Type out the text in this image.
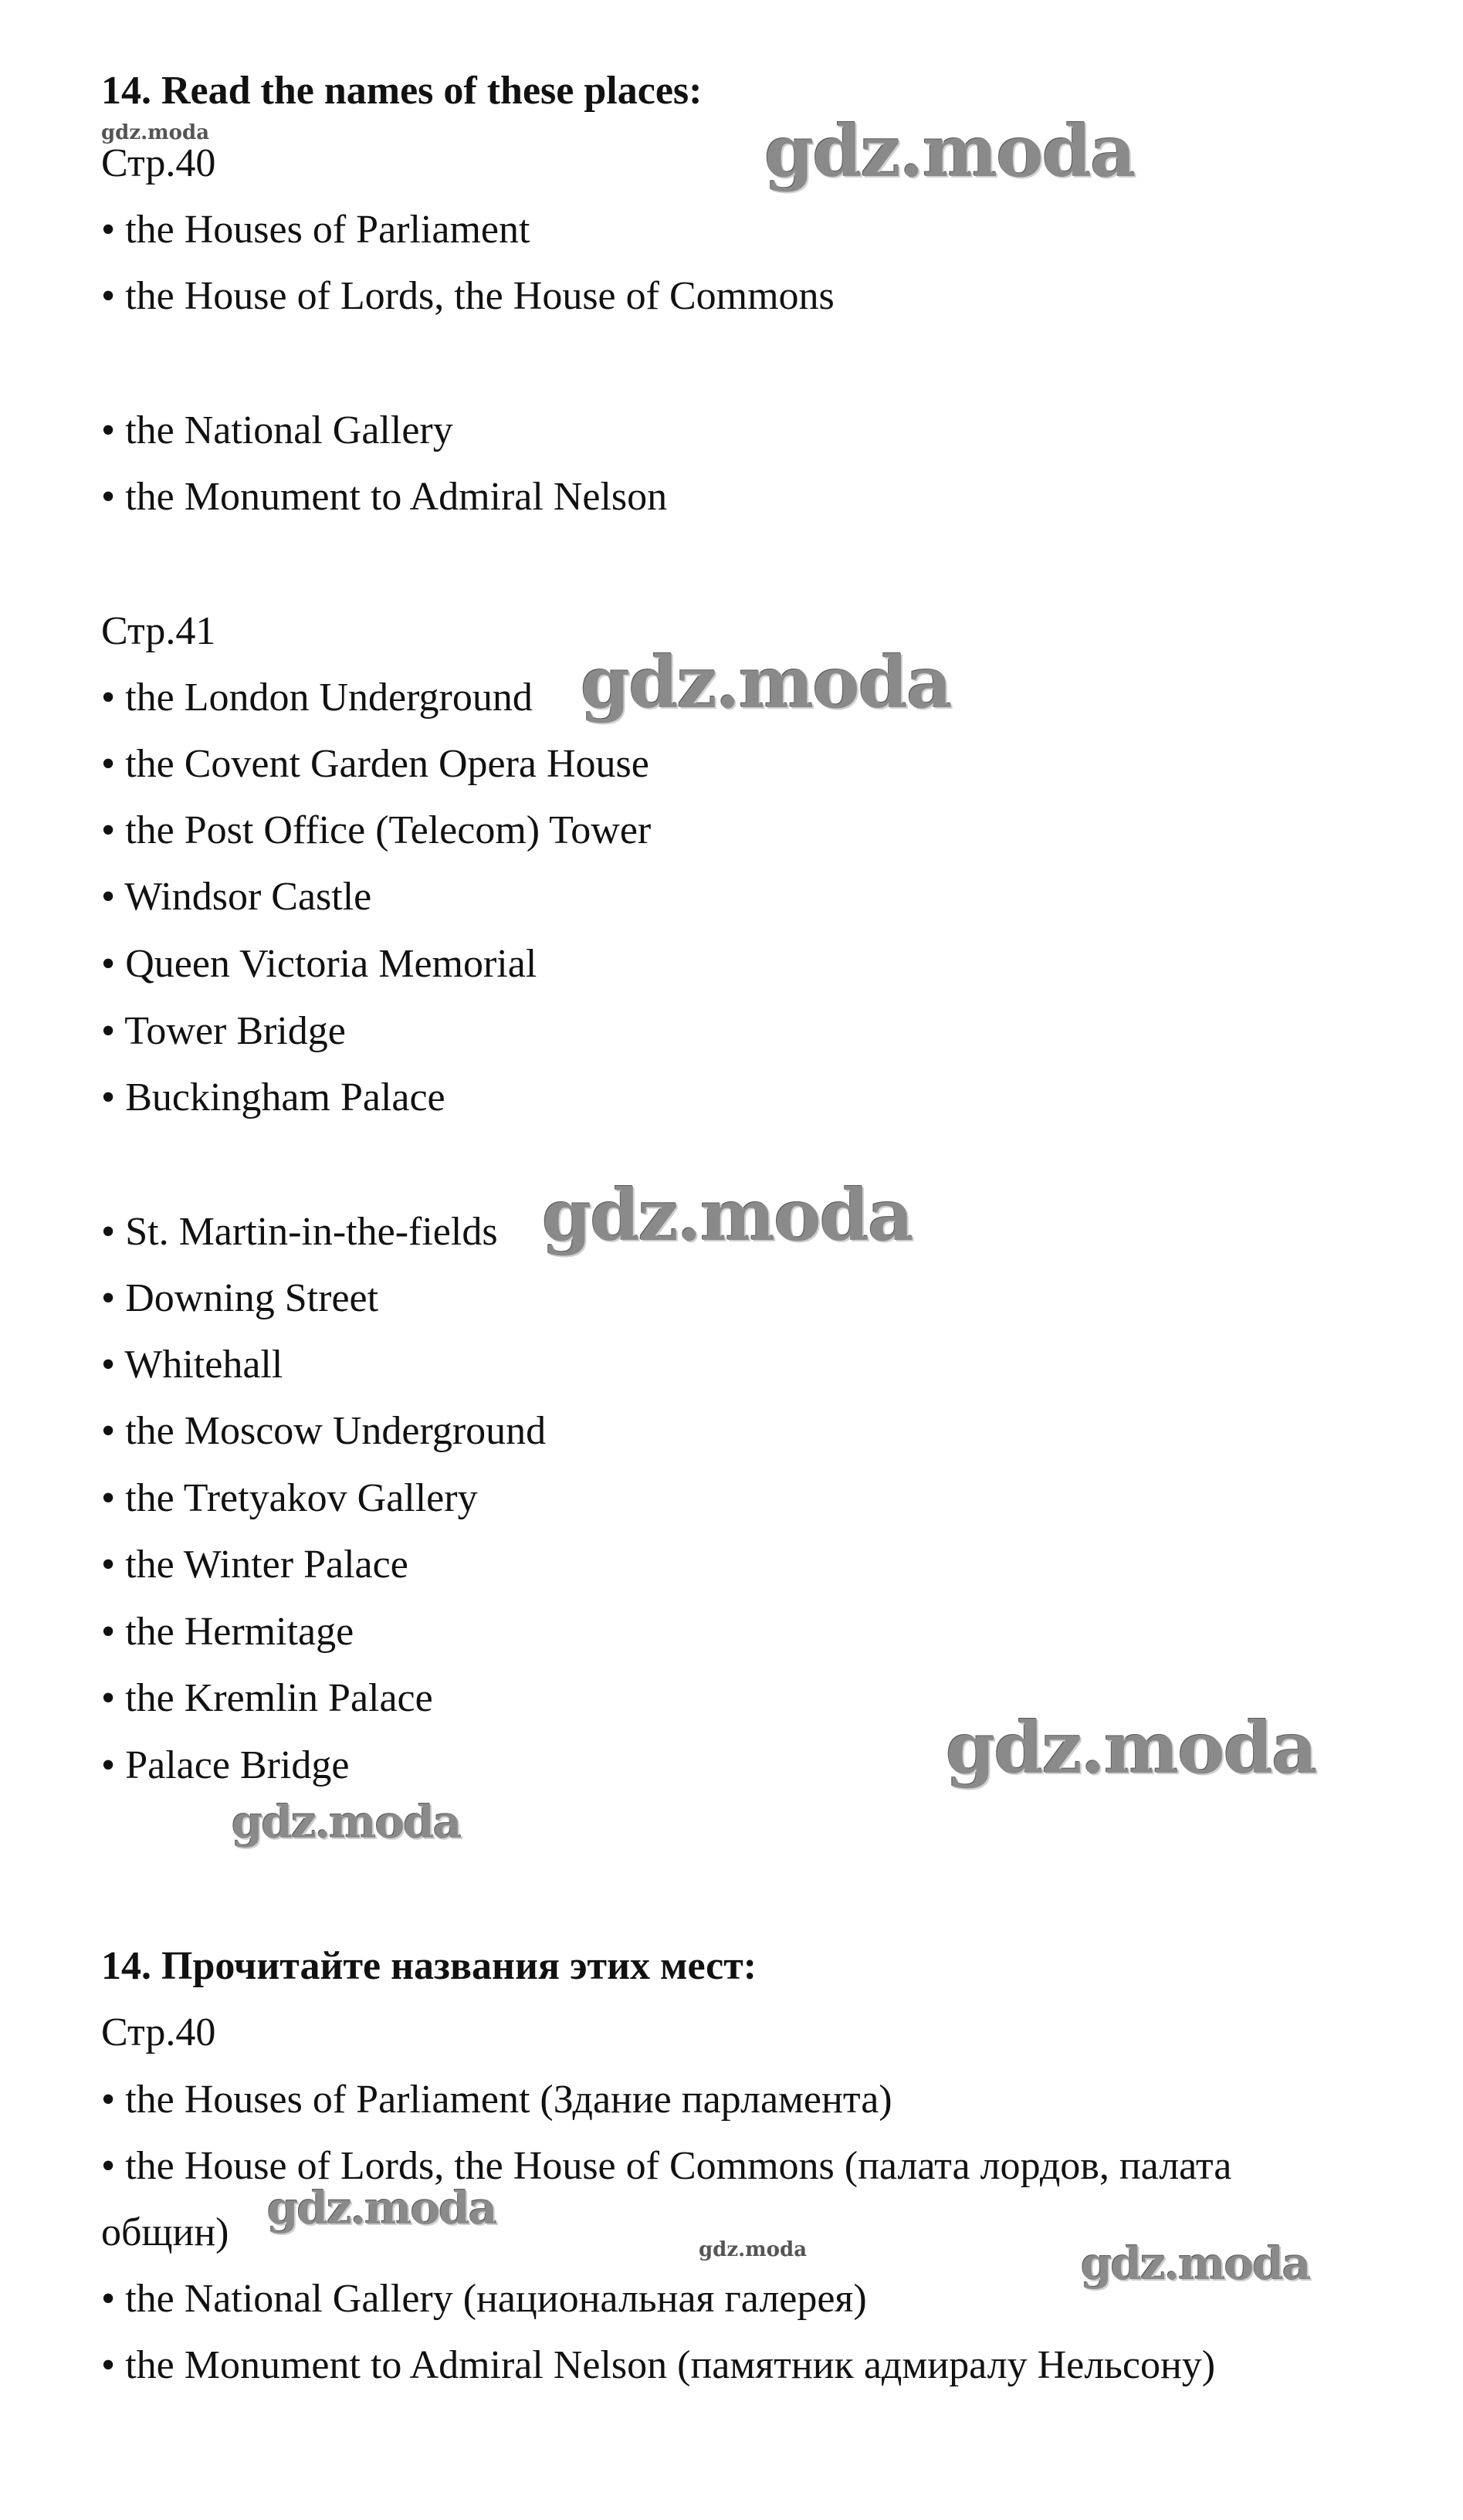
14. Read the names of these places:
Стр.40
• the Houses of Parliament
• the House of Lords, the House of Commons
• the National Gallery
• the Monument to Admiral Nelson
Стр.41
• the London Underground
• the Covent Garden Opera House
• the Post Office (Telecom) Tower
• Windsor Castle
• Queen Victoria Memorial
• Tower Bridge
• Buckingham Palace
• St. Martin-in-the-fields
• Downing Street
• Whitehall
• the Moscow Underground
• the Tretyakov Gallery
• the Winter Palace
• the Hermitage
• the Kremlin Palace
• Palace Bridge
14. Прочитайте названия этих мест:
Стр.40
• the Houses of Parliament (Здание парламента)
• the House of Lords, the House of Commons (палата лордов, палата
общин)
• the National Gallery (национальная галерея)
• the Monument to Admiral Nelson (памятник адмиралу Нельсону)
gdz.moda	gdz.moda
gdz.moda
gdz.moda
gdz.moda
gdz.moda
gdz.moda
gdz.moda	gdz.moda
